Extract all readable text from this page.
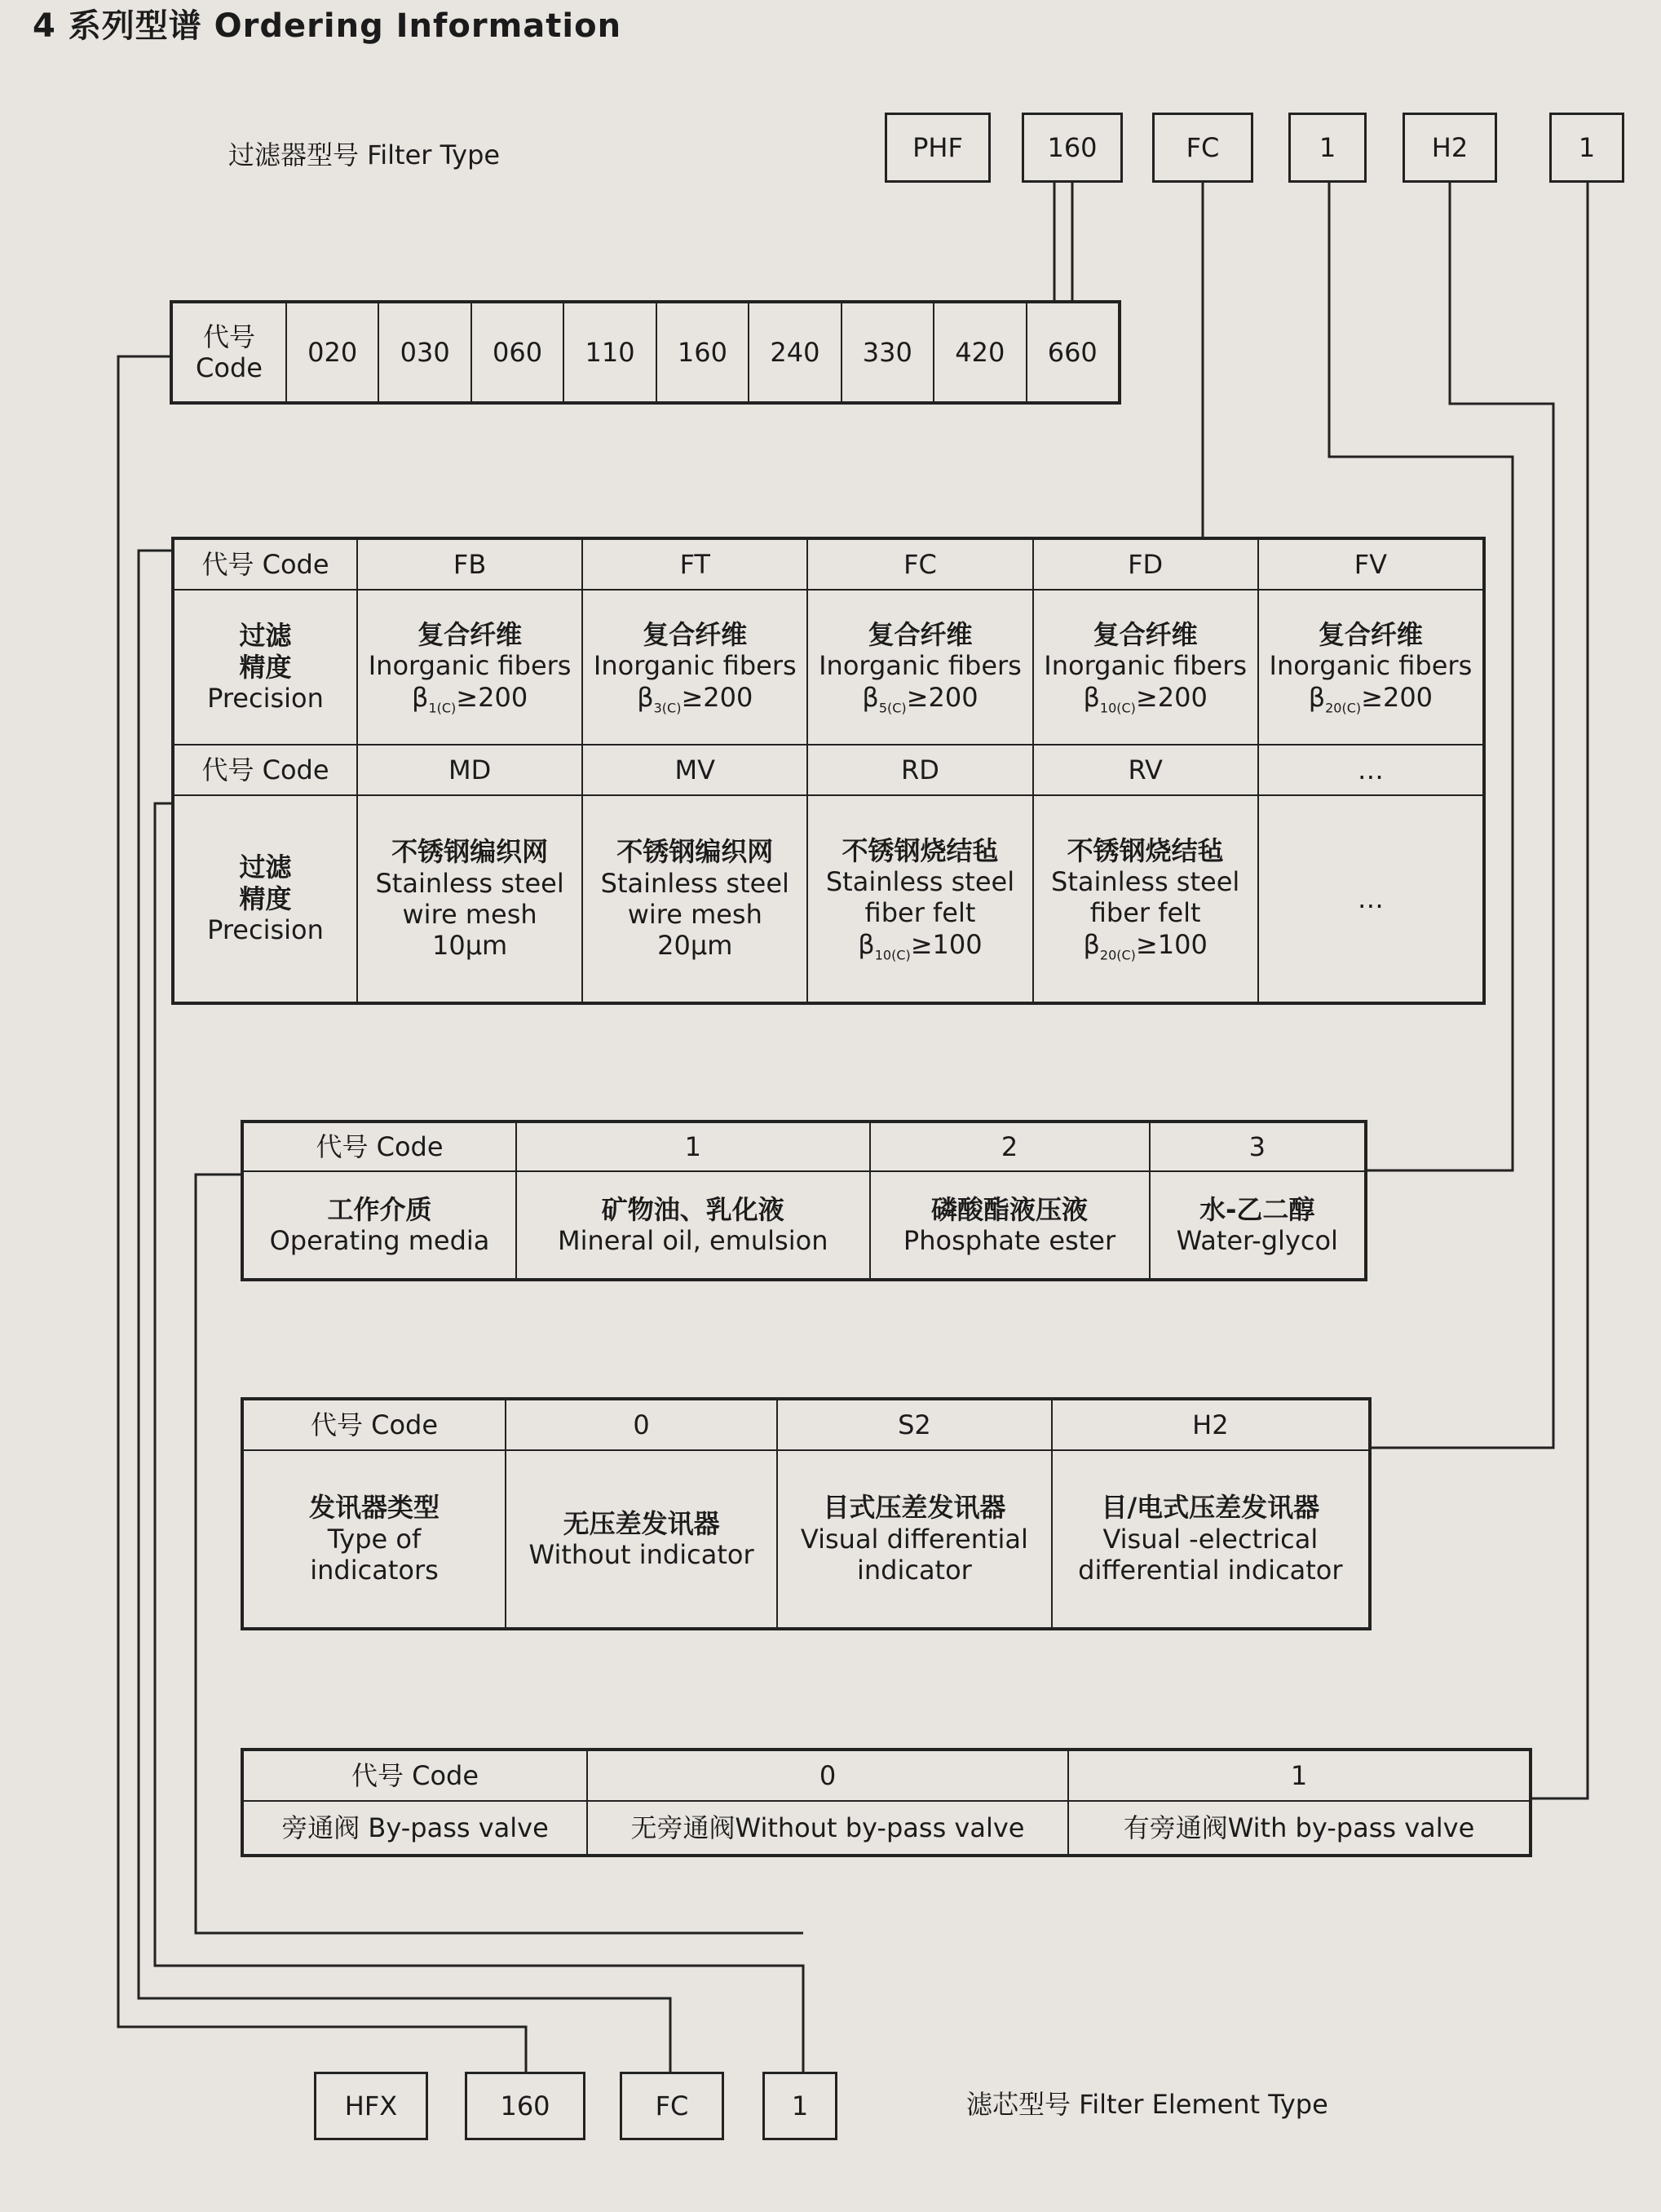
4 系列型谱 Ordering Information
过滤器型号 Filter Type	PHF	160	FC	1	H2	1
代号
Code	020	030	060	110	160	240	330	420	660
代号 Code	FB	FT	FC	FD	FV
过滤
精度
Precision	复合纤维
Inorganic fibers
$\beta_{1(C)}\ge 200$	复合纤维
Inorganic fibers
$\beta_{3(C)}\ge 200$	复合纤维
Inorganic fibers
$\beta_{5(C)}\ge 200$	复合纤维
Inorganic fibers
$\beta_{10(C)}\ge 200$	复合纤维
Inorganic fibers
$\beta_{20(C)}\ge 200$
代号 Code	MD	MV	RD	RV	…
过滤
精度
Precision	不锈钢编织网
Stainless steel
wire mesh
10μm	不锈钢编织网
Stainless steel
wire mesh
20μm	不锈钢烧结毡
Stainless steel
fiber felt
$\beta_{10(C)}\ge 100$	不锈钢烧结毡
Stainless steel
fiber felt
$\beta_{20(C)}\ge 100$	…
代号 Code	1	2	3
工作介质
Operating media	矿物油、乳化液
Mineral oil, emulsion	磷酸酯液压液
Phosphate ester	水-乙二醇
Water-glycol
代号 Code	0	S2	H2
发讯器类型
Type of
indicators	无压差发讯器
Without indicator	目式压差发讯器
Visual differential
indicator	目/电式压差发讯器
Visual -electrical
differential indicator
代号 Code	0	1
旁通阀 By-pass valve	无旁通阀Without by-pass valve	有旁通阀With by-pass valve
HFX	160	FC	1	滤芯型号 Filter Element Type
